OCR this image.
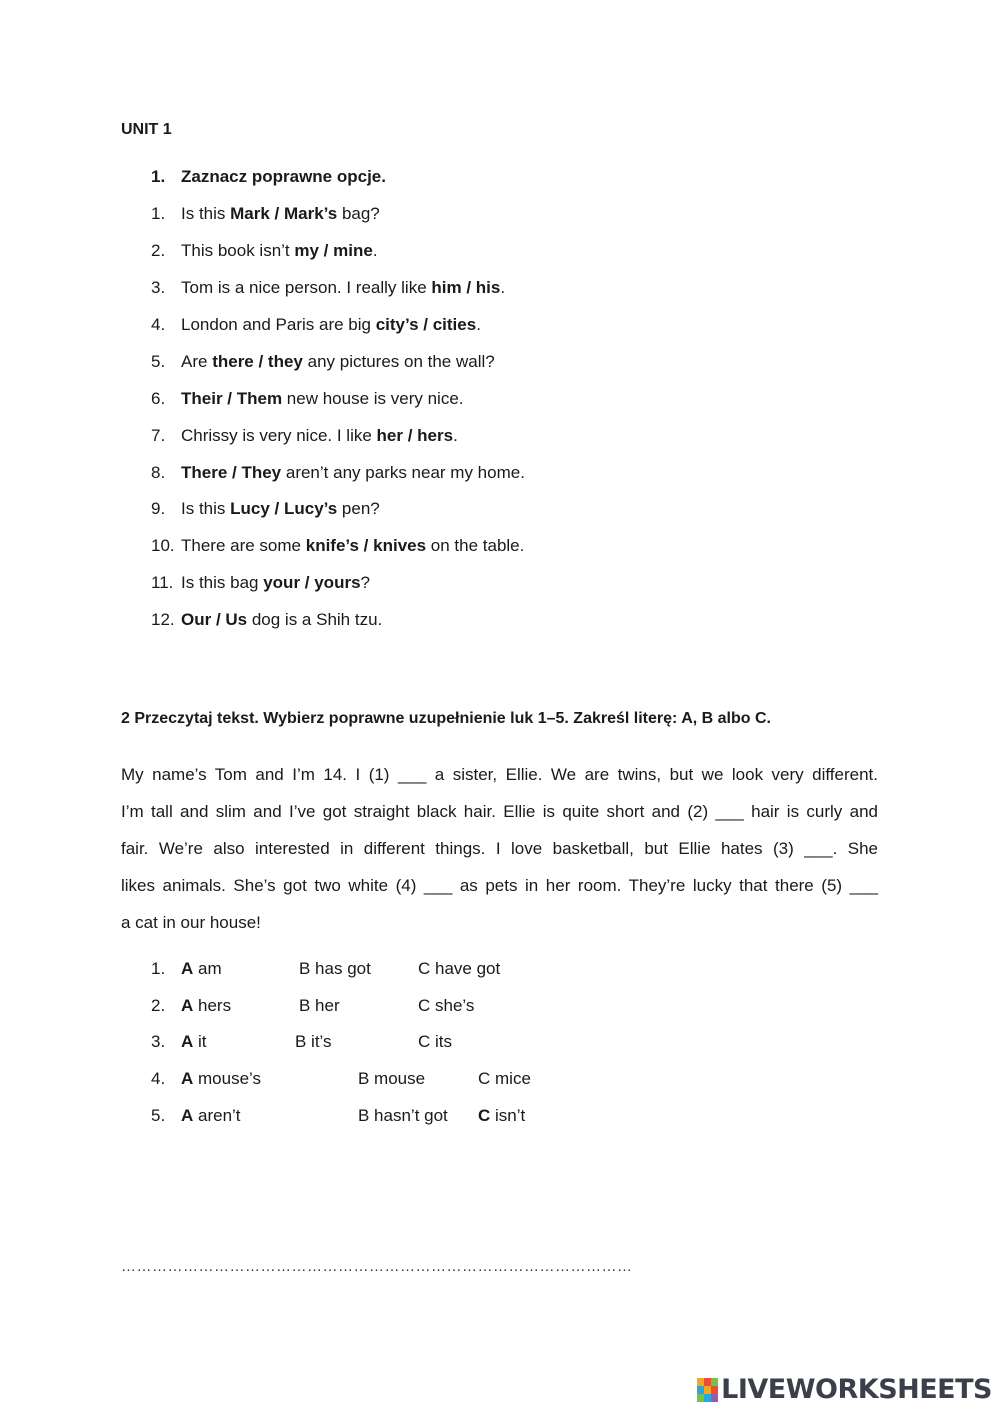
UNIT 1
1. Zaznacz poprawne opcje.
1. Is this Mark / Mark’s bag?
2. This book isn’t my / mine.
3. Tom is a nice person. I really like him / his.
4. London and Paris are big city’s / cities.
5. Are there / they any pictures on the wall?
6. Their / Them new house is very nice.
7. Chrissy is very nice. I like her / hers.
8. There / They aren’t any parks near my home.
9. Is this Lucy / Lucy’s pen?
10. There are some knife’s / knives on the table.
11. Is this bag your / yours?
12. Our / Us dog is a Shih tzu.
2 Przeczytaj tekst. Wybierz poprawne uzupełnienie luk 1–5. Zakreśl literę: A, B albo C.
My name’s Tom and I’m 14. I (1) ___ a sister, Ellie. We are twins, but we look very different.
I’m tall and slim and I’ve got straight black hair. Ellie is quite short and (2) ___ hair is curly and
fair. We’re also interested in different things. I love basketball, but Ellie hates (3) ___. She
likes animals. She’s got two white (4) ___ as pets in her room. They’re lucky that there (5) ___
a cat in our house!
1. A am	B has got	C have got
2. A hers	B her	C she’s
3. A it	B it’s	C its
4. A mouse’s	B mouse	C mice
5. A aren’t	B hasn’t got C isn’t
………………………………………………………………………………………
LIVEWORKSHEETS
